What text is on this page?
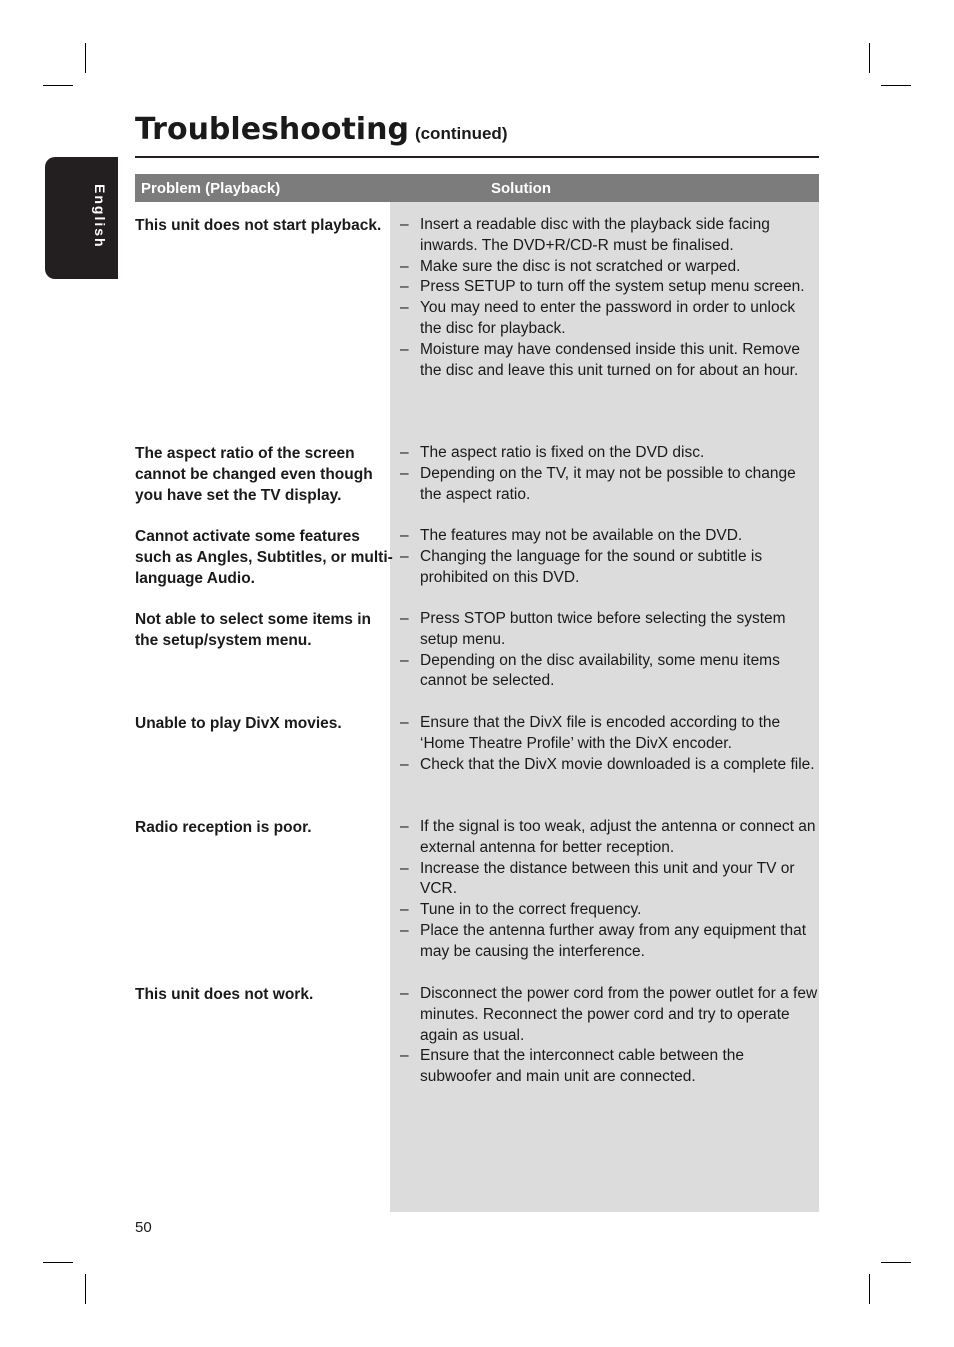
English
Troubleshooting (continued)
Problem (Playback)	Solution
This unit does not start playback.	– Insert a readable disc with the playback side facing inwards. The DVD+R/CD-R must be finalised.
– Make sure the disc is not scratched or warped.
– Press SETUP to turn off the system setup menu screen.
– You may need to enter the password in order to unlock the disc for playback.
– Moisture may have condensed inside this unit. Remove the disc and leave this unit turned on for about an hour.
The aspect ratio of the screen cannot be changed even though you have set the TV display.
– The aspect ratio is fixed on the DVD disc.
– Depending on the TV, it may not be possible to change the aspect ratio.
Cannot activate some features such as Angles, Subtitles, or multi-language Audio.
– The features may not be available on the DVD.
– Changing the language for the sound or subtitle is prohibited on this DVD.
Not able to select some items in the setup/system menu.
– Press STOP button twice before selecting the system setup menu.
– Depending on the disc availability, some menu items cannot be selected.
Unable to play DivX movies.	– Ensure that the DivX file is encoded according to the ‘Home Theatre Profile’ with the DivX encoder.
– Check that the DivX movie downloaded is a complete file.
Radio reception is poor.	– If the signal is too weak, adjust the antenna or connect an external antenna for better reception.
– Increase the distance between this unit and your TV or VCR.
– Tune in to the correct frequency.
– Place the antenna further away from any equipment that may be causing the interference.
This unit does not work.	– Disconnect the power cord from the power outlet for a few minutes. Reconnect the power cord and try to operate again as usual.
– Ensure that the interconnect cable between the subwoofer and main unit are connected.
50
